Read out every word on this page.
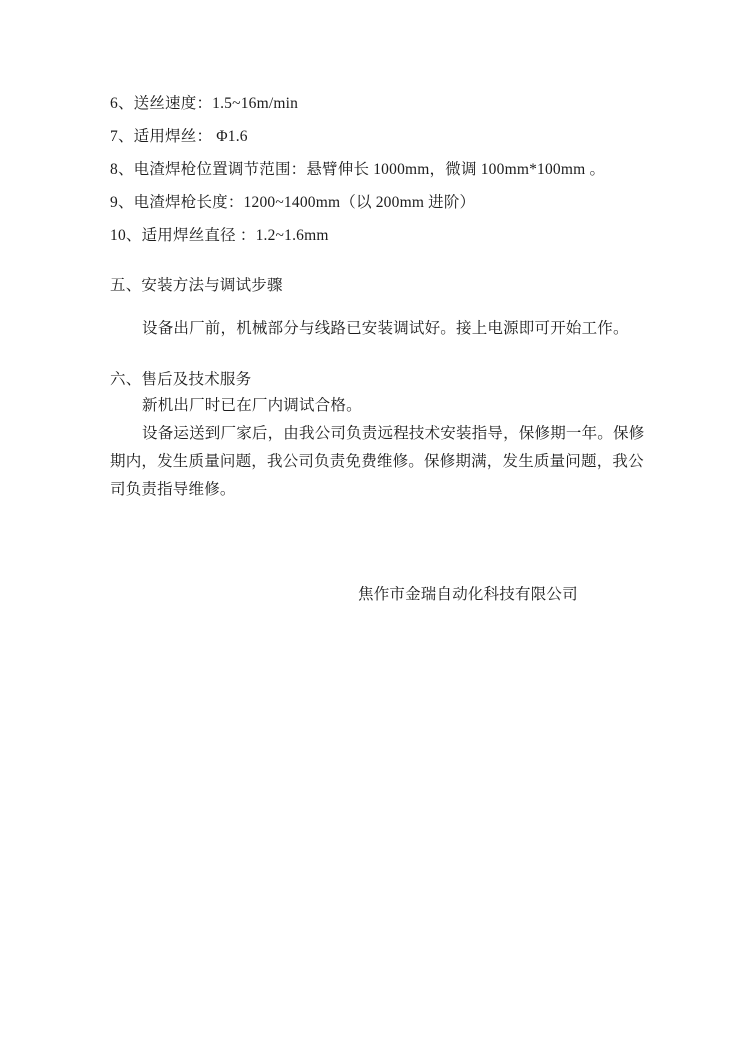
6、送丝速度：1.5~16m/min
7、适用焊丝： Φ1.6
8、电渣焊枪位置调节范围：悬臂伸长 1000mm，微调 100mm*100mm 。
9、电渣焊枪长度：1200~1400mm（以 200mm 进阶）
10、适用焊丝直径 ：1.2~1.6mm
五、安装方法与调试步骤
设备出厂前，机械部分与线路已安装调试好。接上电源即可开始工作。
六、售后及技术服务
新机出厂时已在厂内调试合格。
设备运送到厂家后，由我公司负责远程技术安装指导，保修期一年。保修
期内，发生质量问题，我公司负责免费维修。保修期满，发生质量问题，我公
司负责指导维修。
焦作市金瑞自动化科技有限公司
